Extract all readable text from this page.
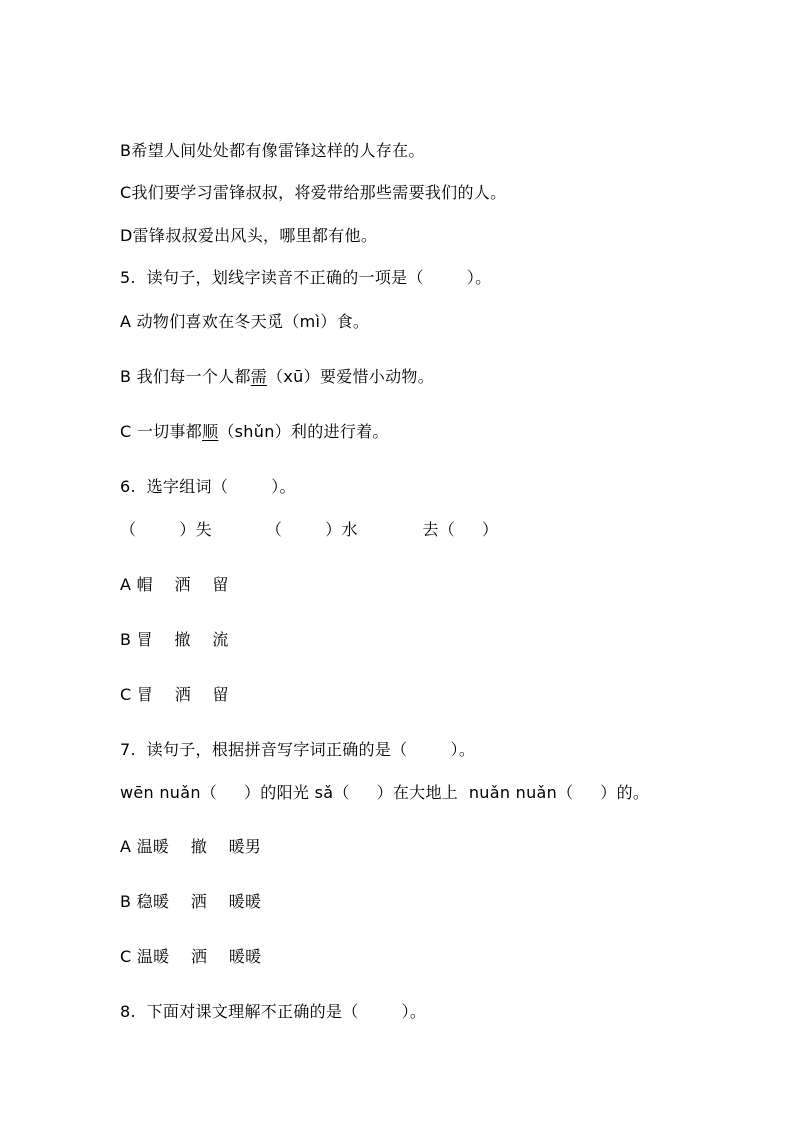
B希望人间处处都有像雷锋这样的人存在。
C我们要学习雷锋叔叔，将爱带给那些需要我们的人。
D雷锋叔叔爱出风头，哪里都有他。
5.  读句子，划线字读音不正确的一项是（        ）。
A 动物们喜欢在冬天觅（mì）食。
B 我们每一个人都需（xū）要爱惜小动物。
C 一切事都顺（shǔn）利的进行着。
6.  选字组词（        ）。
（        ）失          （        ）水            去（     ）
A 帽    洒    留
B 冒    撤    流
C 冒    洒    留
7.  读句子，根据拼音写字词正确的是（        ）。
wēn nuǎn（     ）的阳光 sǎ（     ）在大地上  nuǎn nuǎn（     ）的。
A 温暖    撤    暖男
B 稳暖    洒    暖暖
C 温暖    洒    暖暖
8.  下面对课文理解不正确的是（        ）。
